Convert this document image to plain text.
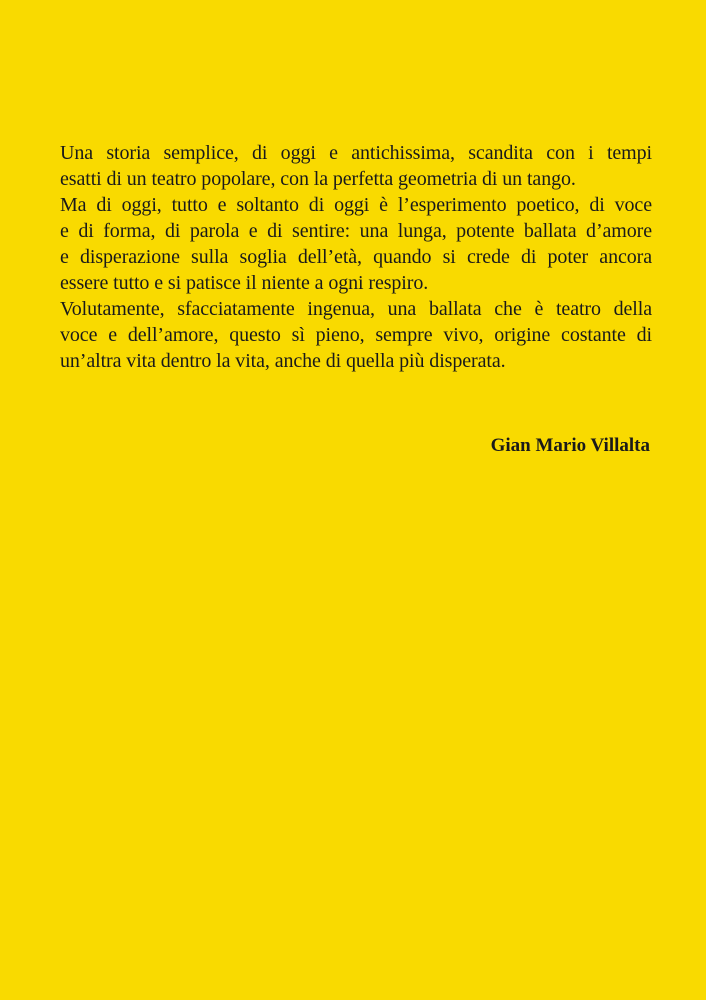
Una storia semplice, di oggi e antichissima, scandita con i tempi
esatti di un teatro popolare, con la perfetta geometria di un tango.

Ma di oggi, tutto e soltanto di oggi è l’esperimento poetico, di voce
e di forma, di parola e di sentire: una lunga, potente ballata d’amore
e disperazione sulla soglia dell’età, quando si crede di poter ancora
essere tutto e si patisce il niente a ogni respiro.

Volutamente, sfacciatamente ingenua, una ballata che è teatro della
voce e dell’amore, questo sì pieno, sempre vivo, origine costante di
un’altra vita dentro la vita, anche di quella più disperata.

Gian Mario Villalta
